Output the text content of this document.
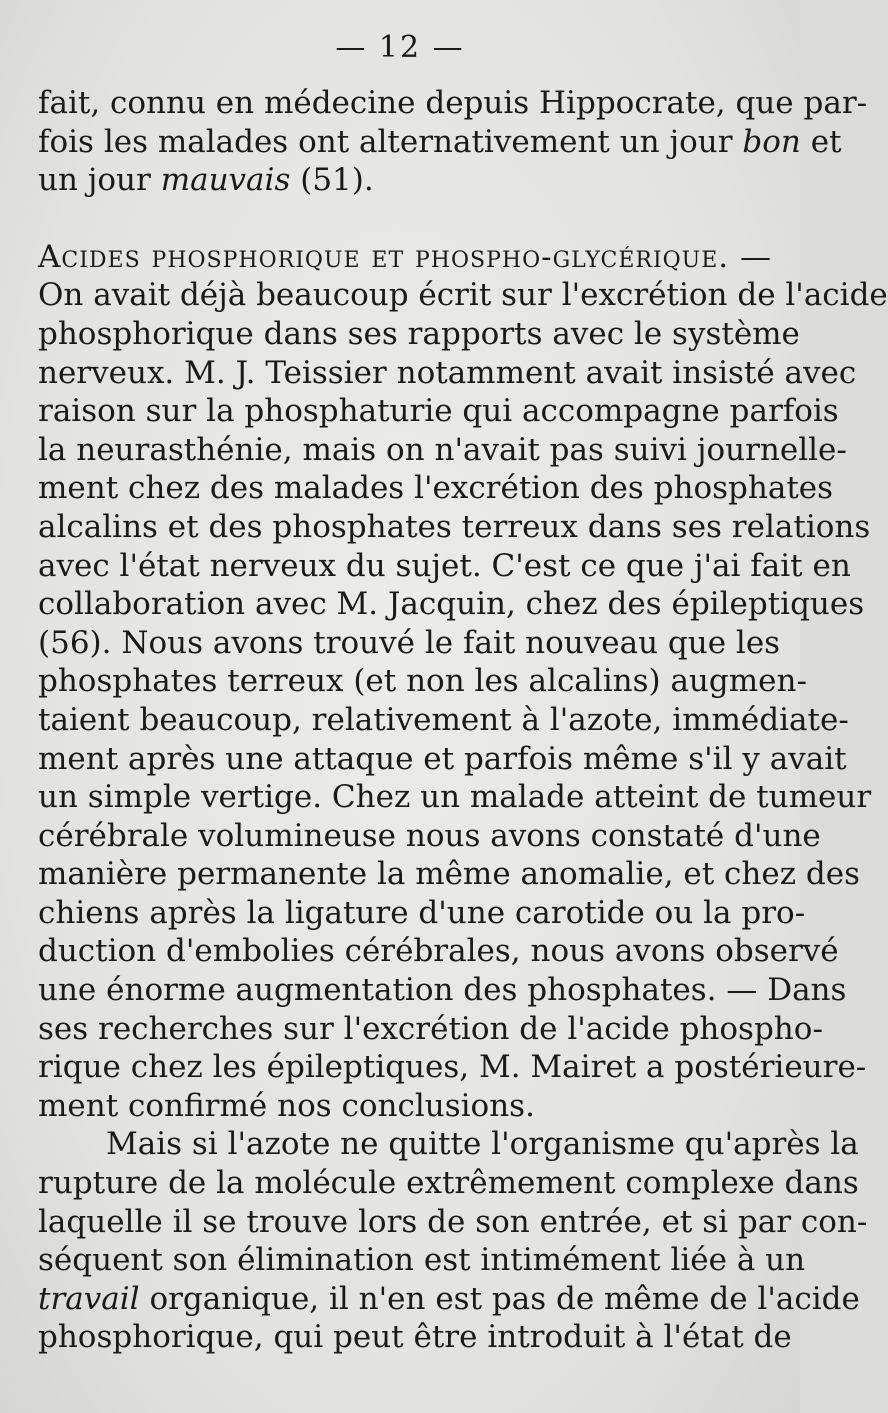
— 12 —
fait, connu en médecine depuis Hippocrate, que par-
fois les malades ont alternativement un jour bon et
un jour mauvais (51).
Acides phosphorique et phospho-glycérique. —
On avait déjà beaucoup écrit sur l'excrétion de l'acide
phosphorique dans ses rapports avec le système
nerveux. M. J. Teissier notamment avait insisté avec
raison sur la phosphaturie qui accompagne parfois
la neurasthénie, mais on n'avait pas suivi journelle-
ment chez des malades l'excrétion des phosphates
alcalins et des phosphates terreux dans ses relations
avec l'état nerveux du sujet. C'est ce que j'ai fait en
collaboration avec M. Jacquin, chez des épileptiques
(56). Nous avons trouvé le fait nouveau que les
phosphates terreux (et non les alcalins) augmen-
taient beaucoup, relativement à l'azote, immédiate-
ment après une attaque et parfois même s'il y avait
un simple vertige. Chez un malade atteint de tumeur
cérébrale volumineuse nous avons constaté d'une
manière permanente la même anomalie, et chez des
chiens après la ligature d'une carotide ou la pro-
duction d'embolies cérébrales, nous avons observé
une énorme augmentation des phosphates. — Dans
ses recherches sur l'excrétion de l'acide phospho-
rique chez les épileptiques, M. Mairet a postérieure-
ment confirmé nos conclusions.
Mais si l'azote ne quitte l'organisme qu'après la
rupture de la molécule extrêmement complexe dans
laquelle il se trouve lors de son entrée, et si par con-
séquent son élimination est intimément liée à un
travail organique, il n'en est pas de même de l'acide
phosphorique, qui peut être introduit à l'état de
